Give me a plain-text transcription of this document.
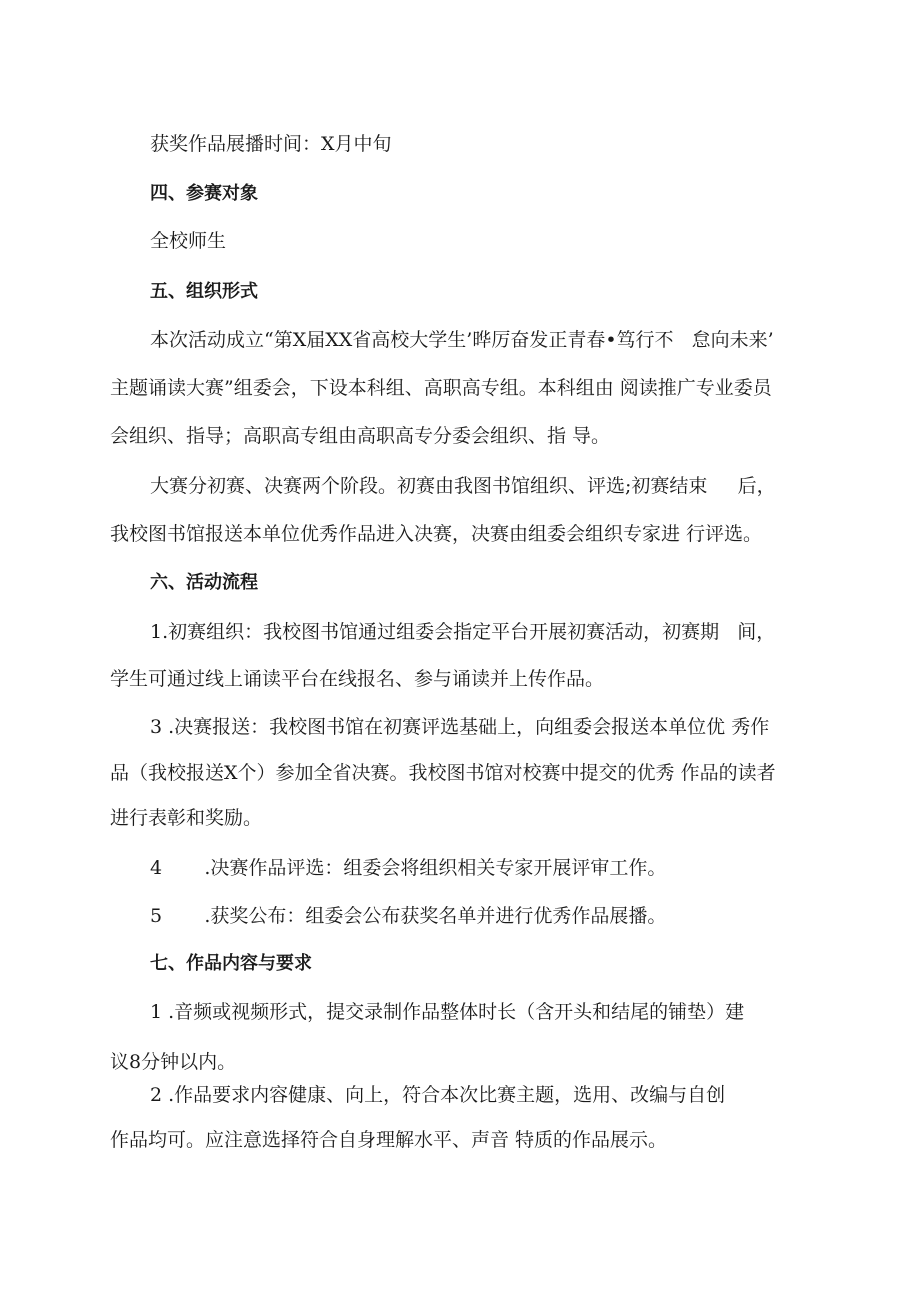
获奖作品展播时间：X月中旬

四、参赛对象

全校师生

五、组织形式

本次活动成立“第X届XX省高校大学生’晔厉奋发正青春•笃行不   怠向未来’

主题诵读大赛”组委会，下设本科组、高职高专组。本科组由 阅读推广专业委员

会组织、指导；高职高专组由高职高专分委会组织、指 导。

大赛分初赛、决赛两个阶段。初赛由我图书馆组织、评选;初赛结束     后，

我校图书馆报送本单位优秀作品进入决赛，决赛由组委会组织专家进 行评选。

六、活动流程

1.初赛组织：我校图书馆通过组委会指定平台开展初赛活动，初赛期   间，

学生可通过线上诵读平台在线报名、参与诵读并上传作品。

3 .决赛报送：我校图书馆在初赛评选基础上，向组委会报送本单位优 秀作

品（我校报送X个）参加全省决赛。我校图书馆对校赛中提交的优秀 作品的读者

进行表彰和奖励。

4       .决赛作品评选：组委会将组织相关专家开展评审工作。

5       .获奖公布：组委会公布获奖名单并进行优秀作品展播。

七、作品内容与要求

1 .音频或视频形式，提交录制作品整体时长（含开头和结尾的铺垫）建

议8分钟以内。

2 .作品要求内容健康、向上，符合本次比赛主题，选用、改编与自创

作品均可。应注意选择符合自身理解水平、声音 特质的作品展示。
